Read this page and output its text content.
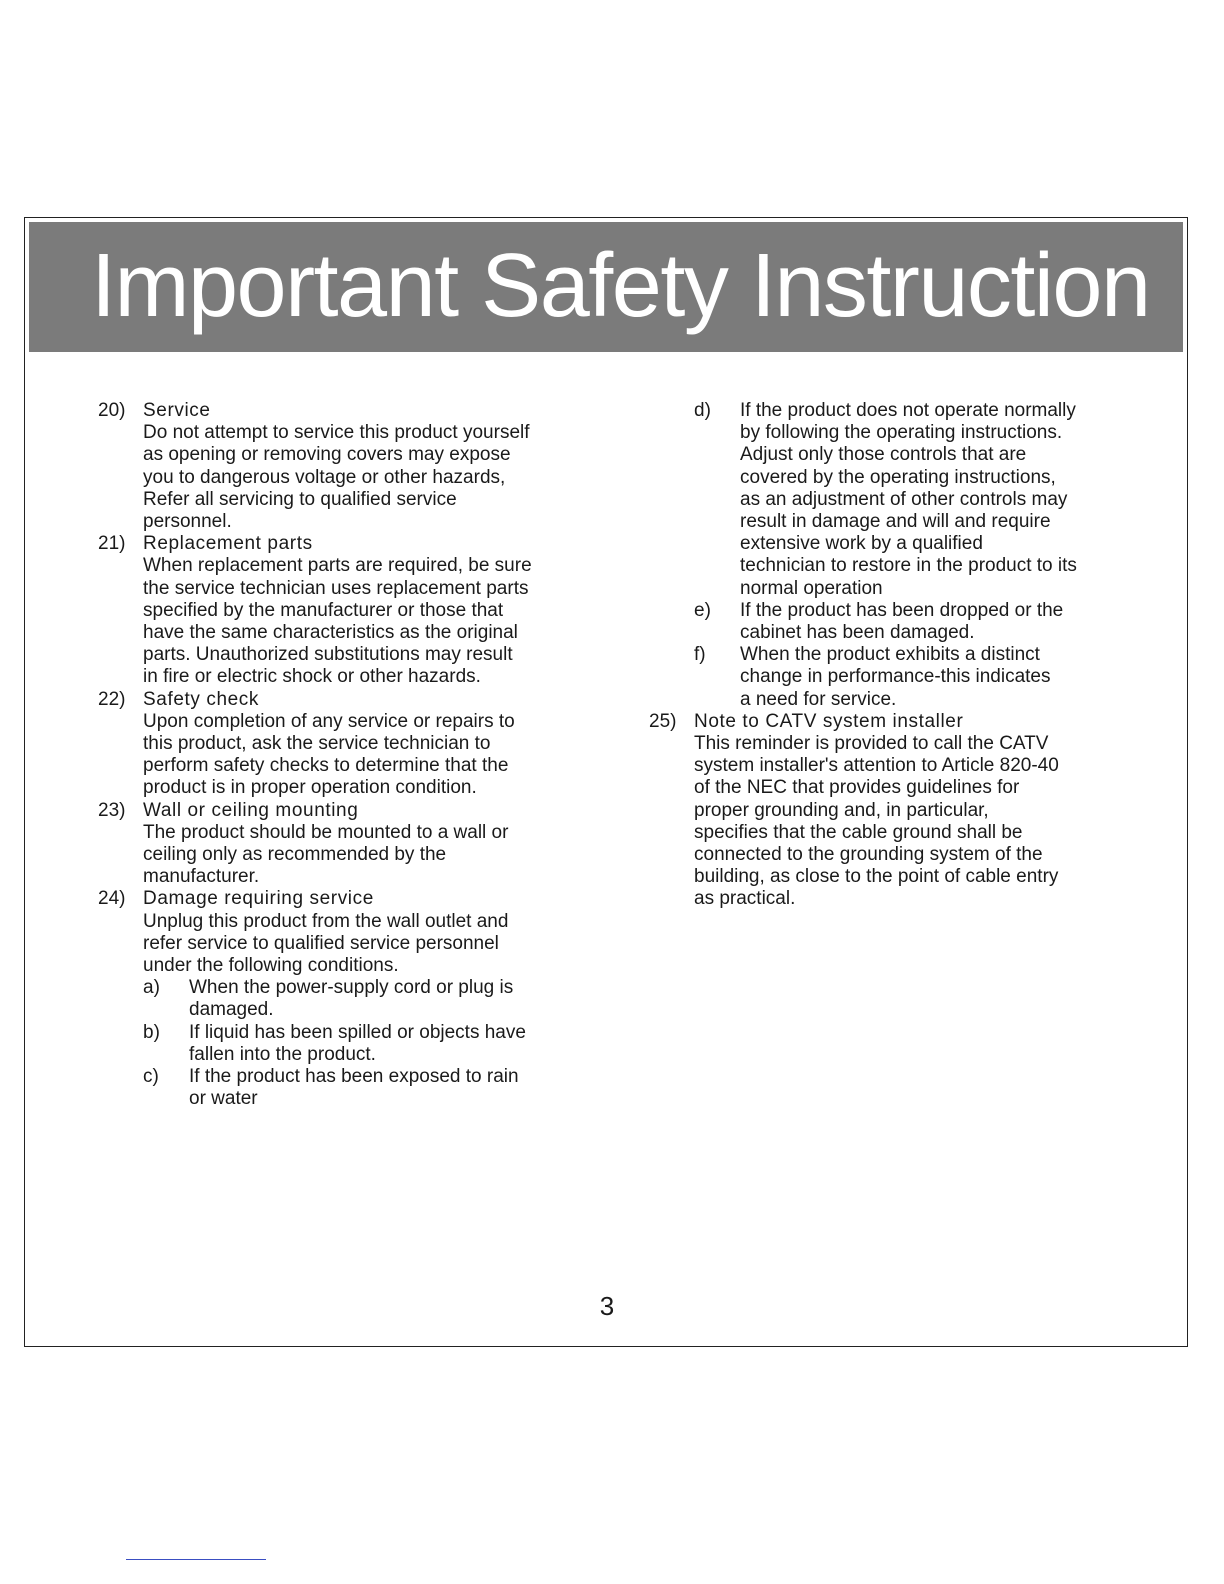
Important Safety Instruction
20) Service
Do not attempt to service this product yourself
as opening or removing covers may expose
you to dangerous voltage or other hazards,
Refer all servicing to qualified service
personnel.
21) Replacement parts
When replacement parts are required, be sure
the service technician uses replacement parts
specified by the manufacturer or those that
have the same characteristics as the original
parts. Unauthorized substitutions may result
in fire or electric shock or other hazards.
22) Safety check
Upon completion of any service or repairs to
this product, ask the service technician to
perform safety checks to determine that the
product is in proper operation condition.
23) Wall or ceiling mounting
The product should be mounted to a wall or
ceiling only as recommended by the
manufacturer.
24) Damage requiring service
Unplug this product from the wall outlet and
refer service to qualified service personnel
under the following conditions.
a) When the power-supply cord or plug is
damaged.
b) If liquid has been spilled or objects have
fallen into the product.
c) If the product has been exposed to rain
or water
d) If the product does not operate normally
by following the operating instructions.
Adjust only those controls that are
covered by the operating instructions,
as an adjustment of other controls may
result in damage and will and require
extensive work by a qualified
technician to restore in the product to its
normal operation
e) If the product has been dropped or the
cabinet has been damaged.
f) When the product exhibits a distinct
change in performance-this indicates
a need for service.
25) Note to CATV system installer
This reminder is provided to call the CATV
system installer's attention to Article 820-40
of the NEC that provides guidelines for
proper grounding and, in particular,
specifies that the cable ground shall be
connected to the grounding system of the
building, as close to the point of cable entry
as practical.
3
